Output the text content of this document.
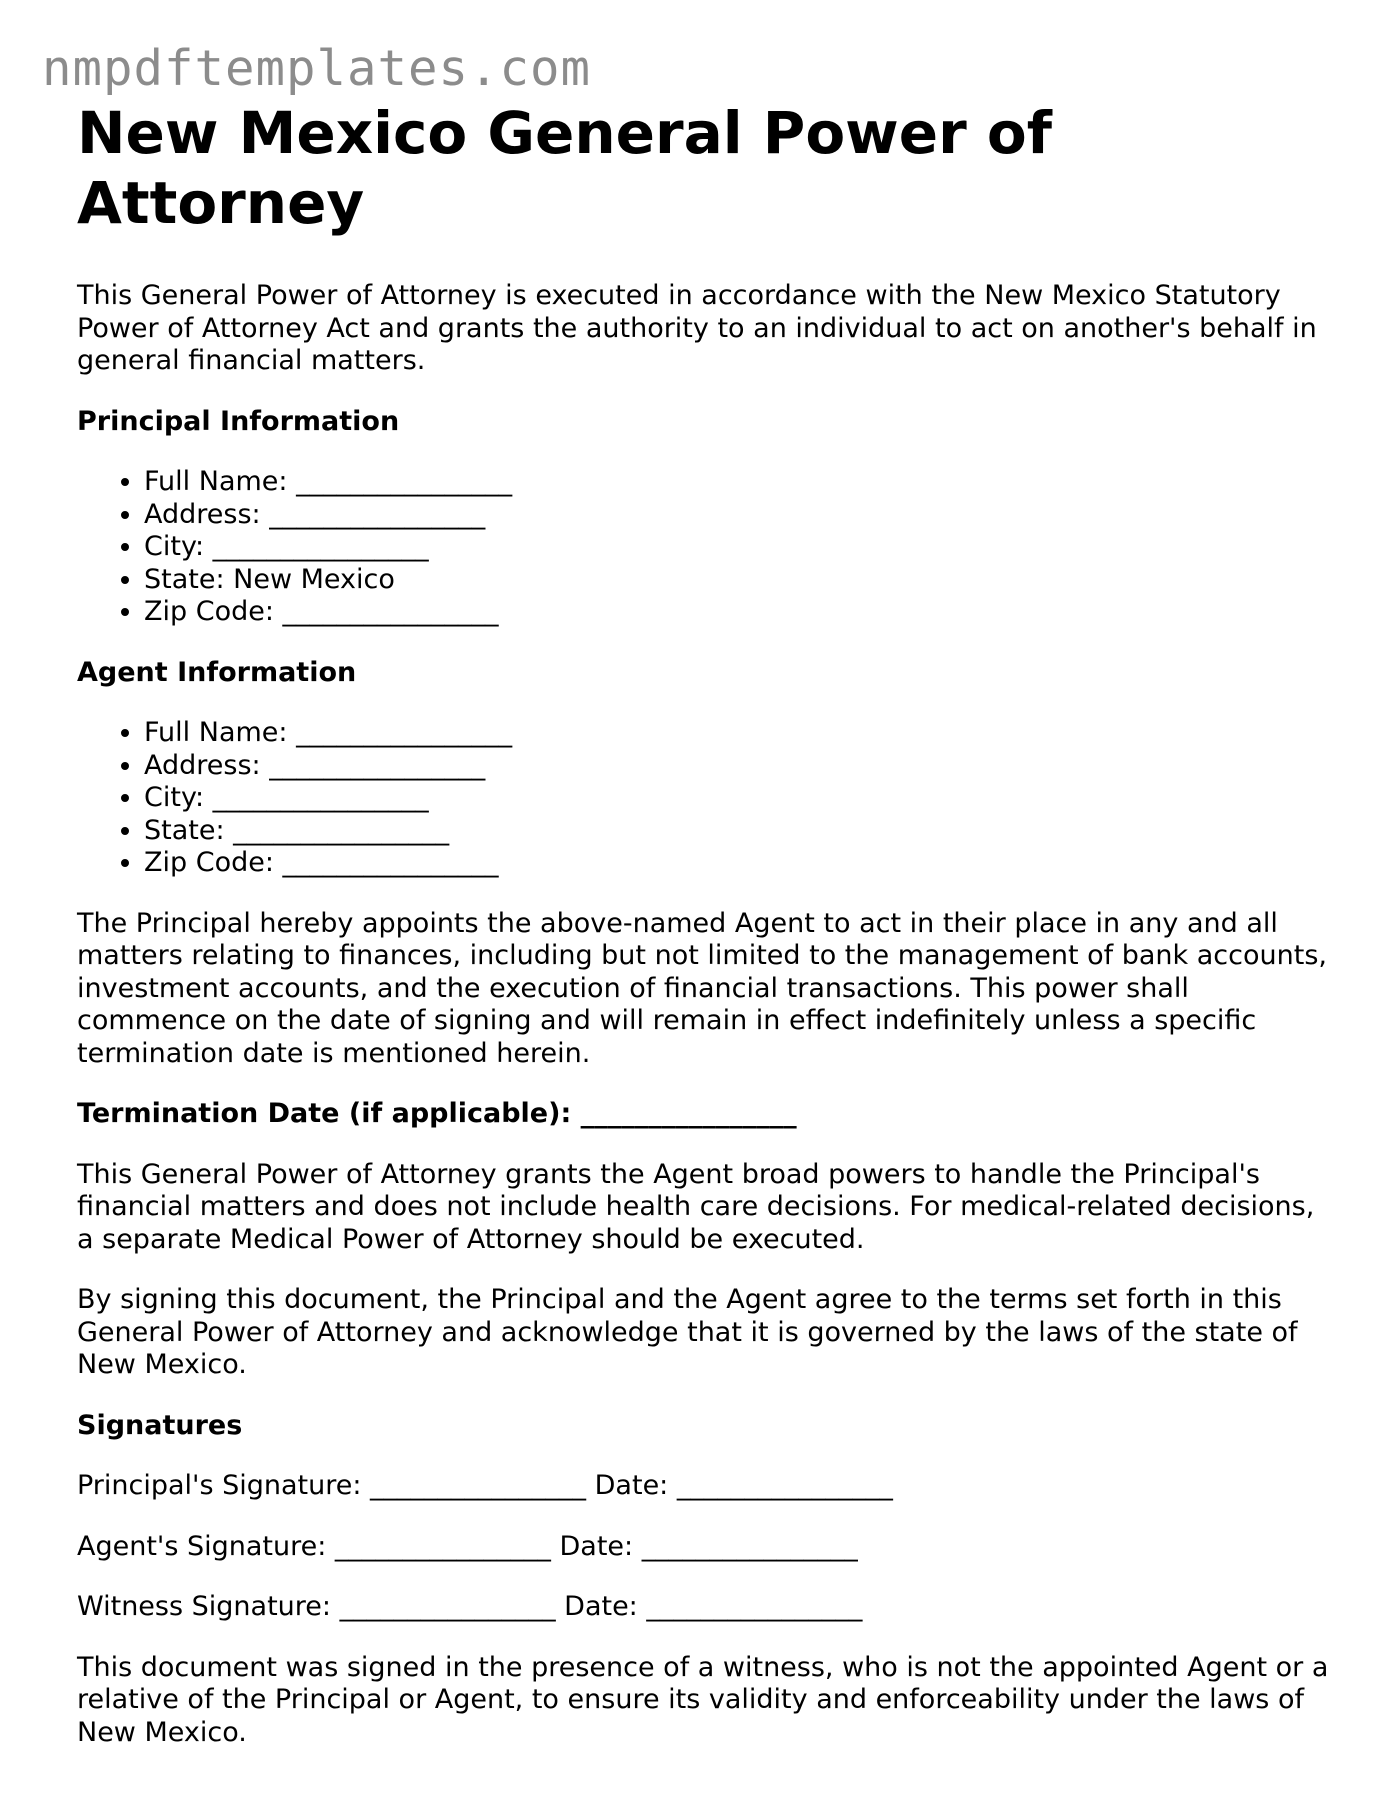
nmpdftemplates.com
New Mexico General Power of Attorney

This General Power of Attorney is executed in accordance with the New Mexico Statutory Power of Attorney Act and grants the authority to an individual to act on another's behalf in general financial matters.

Principal Information
• Full Name: ________________
• Address: ________________
• City: ________________
• State: New Mexico
• Zip Code: ________________
Agent Information
• Full Name: ________________
• Address: ________________
• City: ________________
• State: ________________
• Zip Code: ________________

The Principal hereby appoints the above-named Agent to act in their place in any and all matters relating to finances, including but not limited to the management of bank accounts, investment accounts, and the execution of financial transactions. This power shall commence on the date of signing and will remain in effect indefinitely unless a specific termination date is mentioned herein.

Termination Date (if applicable): ________________

This General Power of Attorney grants the Agent broad powers to handle the Principal's financial matters and does not include health care decisions. For medical-related decisions, a separate Medical Power of Attorney should be executed.

By signing this document, the Principal and the Agent agree to the terms set forth in this General Power of Attorney and acknowledge that it is governed by the laws of the state of New Mexico.

Signatures

Principal's Signature: ________________ Date: ________________

Agent's Signature: ________________ Date: ________________

Witness Signature: ________________ Date: ________________

This document was signed in the presence of a witness, who is not the appointed Agent or a relative of the Principal or Agent, to ensure its validity and enforceability under the laws of New Mexico.
